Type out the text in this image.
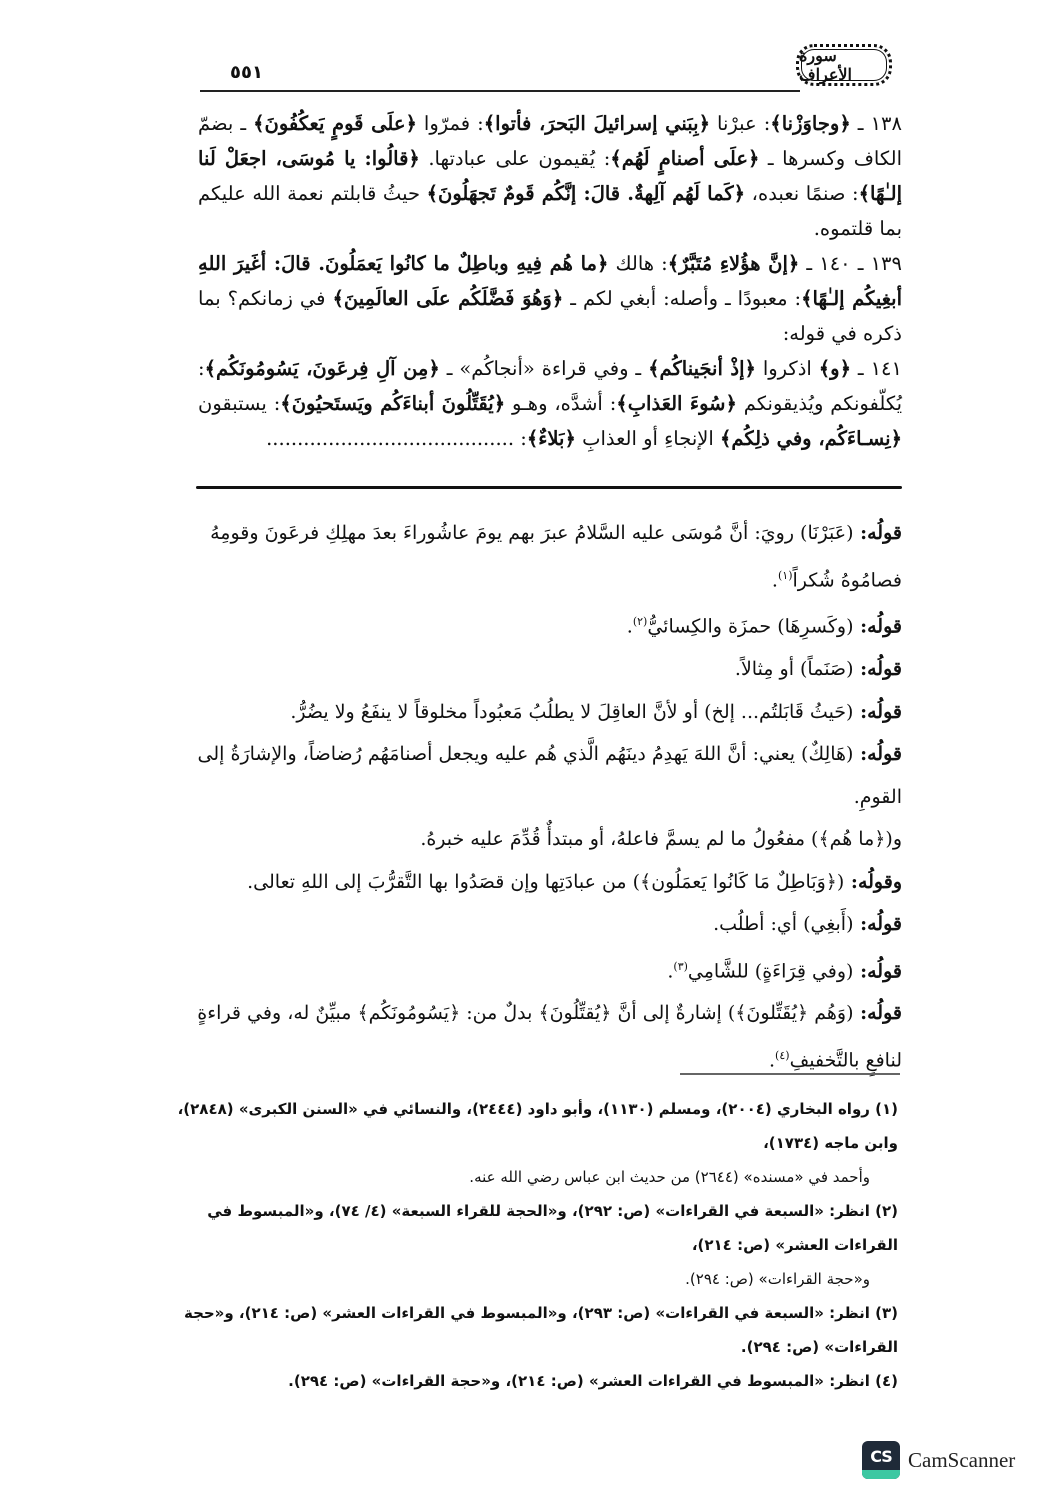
٥٥١
سورة الأعراف

١٣٨ ـ ﴿وجاوَزْنا﴾: عبرْنا ﴿بِبَني إسرائيلَ البَحرَ، فأتوا﴾: فمرّوا ﴿علَى قَومٍ يَعكُفُونَ﴾ ـ بضمّ الكاف وكسرها ـ ﴿علَى أصنامٍ لَهُم﴾: يُقيمون على عبادتها. ﴿قالُوا: يا مُوسَى، اجعَلْ لَنا إلـٰهًا﴾: صنمًا نعبده، ﴿كَما لَهُم آلِهةٌ. قالَ: إنَّكُم قَومٌ تَجهَلُونَ﴾ حيثُ قابلتم نعمة الله عليكم بما قلتموه.

١٣٩ ـ ١٤٠ ـ ﴿إنَّ هؤُلاءِ مُتَبَّرٌ﴾: هالك ﴿ما هُم فِيهِ وباطِلٌ ما كانُوا يَعمَلُونَ. قالَ: أغَيرَ اللهِ أبغِيكُم إلـٰهًا﴾: معبودًا ـ وأصله: أبغي لكم ـ ﴿وَهُوَ فَضَّلَكُم علَى العالَمِينَ﴾ في زمانكم؟ بما ذكره في قوله:

١٤١ ـ ﴿و﴾ اذكروا ﴿إذْ أنجَيناكُم﴾ ـ وفي قراءة «أنجاكُم» ـ ﴿مِن آلِ فِرعَونَ، يَسُومُونَكُم﴾: يُكلّفونكم ويُذيقونكم ﴿سُوءَ العَذابِ﴾: أشدَّه، وهـو ﴿يُقَتِّلُونَ أبناءَكُم ويَستَحيُونَ﴾: يستبقون ﴿نِسـاءَكُم، وفي ذلِكُم﴾ الإنجاءِ أو العذابِ ﴿بَلاءٌ﴾: ........................................

قولُه: (عَبَرْنَا) رويَ: أنَّ مُوسَى عليه السَّلامُ عبرَ بهم يومَ عاشُوراءَ بعدَ مهلِكِ فرعَونَ وقومِهُ فصامُوهُ شُكراً$^{(١)}$.

قولُه: (وكَسرِهَا) حمزَة والكِسائيُّ$^{(٢)}$.

قولُه: (صَنَماً) أو مِثالاً.

قولُه: (حَيثُ قَابَلتُم... إلخ) أو لأنَّ العاقِلَ لا يطلُبُ مَعبُوداً مخلوقاً لا ينفَعُ ولا يضُرُّ.

قولُه: (هَالِكٌ) يعني: أنَّ اللهَ يَهدِمُ دينَهُم الَّذي هُم عليه ويجعل أصنامَهُم رُضاضاً، والإشارَةُ إلى القومِ.

و(﴿ما هُم﴾) مفعُولُ ما لم يسمَّ فاعلهُ، أو مبتدأٌ قُدِّمَ عليه خبرهُ.

وقولُه: (﴿وَبَاطِلٌ مَا كَانُوا يَعمَلُون﴾) من عبادَتِها وإن قصَدُوا بها التَّقرُّبَ إلى اللهِ تعالى.

قولُه: (أَبغِي) أي: أطلُب.

قولُه: (وفي قِرَاءَةٍ) للشَّامِي$^{(٣)}$.

قولُه: (وَهُم ﴿يُقَتِّلونَ﴾) إشارةٌ إلى أنَّ ﴿يُقتِّلُونَ﴾ بدلٌ من: ﴿يَسُومُونَكُم﴾ مبيِّنٌ له، وفي قراءةٍ لنافعٍ بالتَّخفيفِ$^{(٤)}$.

(١) رواه البخاري (٢٠٠٤)، ومسلم (١١٣٠)، وأبو داود (٢٤٤٤)، والنسائي في «السنن الكبرى» (٢٨٤٨)، وابن ماجه (١٧٣٤)،

وأحمد في «مسنده» (٢٦٤٤) من حديث ابن عباس رضي الله عنه.

(٢) انظر: «السبعة في القراءات» (ص: ٢٩٢)، و«الحجة للقراء السبعة» (٤/ ٧٤)، و«المبسوط في القراءات العشر» (ص: ٢١٤)،

و«حجة القراءات» (ص: ٢٩٤).

(٣) انظر: «السبعة في القراءات» (ص: ٢٩٣)، و«المبسوط في القراءات العشر» (ص: ٢١٤)، و«حجة القراءات» (ص: ٢٩٤).

(٤) انظر: «المبسوط في القراءات العشر» (ص: ٢١٤)، و«حجة القراءات» (ص: ٢٩٤).

CS CamScanner
